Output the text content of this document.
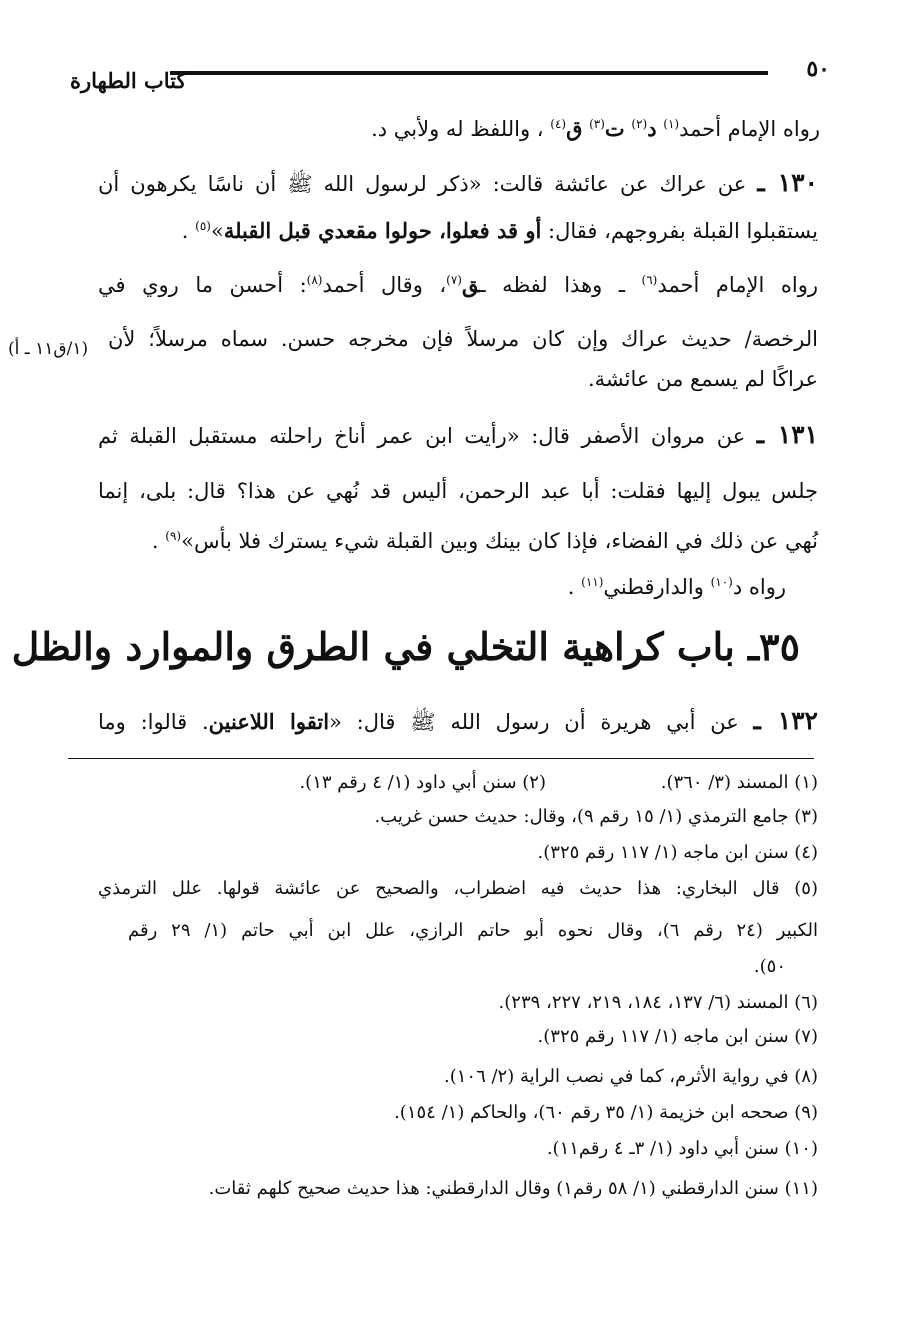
٥٠
كتاب الطهارة
رواه الإمام أحمد$^{(١)}$ د$^{(٢)}$ ت$^{(٣)}$ ق$^{(٤)}$ ، واللفظ له ولأبي د.
١٣٠ ـ عن عراك عن عائشة قالت: «ذكر لرسول الله ﷺ أن ناسًا يكرهون أن
يستقبلوا القبلة بفروجهم، فقال: أو قد فعلوا، حولوا مقعدي قبل القبلة»$^{(٥)}$ .
رواه الإمام أحمد$^{(٦)}$ ـ وهذا لفظه ـق$^{(٧)}$، وقال أحمد$^{(٨)}$: أحسن ما روي في
(١/ق١١ ـ أ) الرخصة/ حديث عراك وإن كان مرسلاً فإن مخرجه حسن. سماه مرسلاً؛ لأن
عراكًا لم يسمع من عائشة.
١٣١ ـ عن مروان الأصفر قال: «رأيت ابن عمر أناخ راحلته مستقبل القبلة ثم
جلس يبول إليها فقلت: أبا عبد الرحمن، أليس قد نُهي عن هذا؟ قال: بلى، إنما
نُهي عن ذلك في الفضاء، فإذا كان بينك وبين القبلة شيء يسترك فلا بأس»$^{(٩)}$ .
رواه د$^{(١٠)}$ والدارقطني$^{(١١)}$ .
٣٥ـ باب كراهية التخلي في الطرق والموارد والظل
١٣٢ ـ عن أبي هريرة أن رسول الله ﷺ قال: «اتقوا اللاعنين. قالوا: وما
(١) المسند (٣/ ٣٦٠).
(٢) سنن أبي داود (١/ ٤ رقم ١٣).
(٣) جامع الترمذي (١/ ١٥ رقم ٩)، وقال: حديث حسن غريب.
(٤) سنن ابن ماجه (١/ ١١٧ رقم ٣٢٥).
(٥) قال البخاري: هذا حديث فيه اضطراب، والصحيح عن عائشة قولها. علل الترمذي
الكبير (٢٤ رقم ٦)، وقال نحوه أبو حاتم الرازي، علل ابن أبي حاتم (١/ ٢٩ رقم
٥٠).
(٦) المسند (٦/ ١٣٧، ١٨٤، ٢١٩، ٢٢٧، ٢٣٩).
(٧) سنن ابن ماجه (١/ ١١٧ رقم ٣٢٥).
(٨) في رواية الأثرم، كما في نصب الراية (٢/ ١٠٦).
(٩) صححه ابن خزيمة (١/ ٣٥ رقم ٦٠)، والحاكم (١/ ١٥٤).
(١٠) سنن أبي داود (١/ ٣ـ ٤ رقم١١).
(١١) سنن الدارقطني (١/ ٥٨ رقم١) وقال الدارقطني: هذا حديث صحيح كلهم ثقات.
